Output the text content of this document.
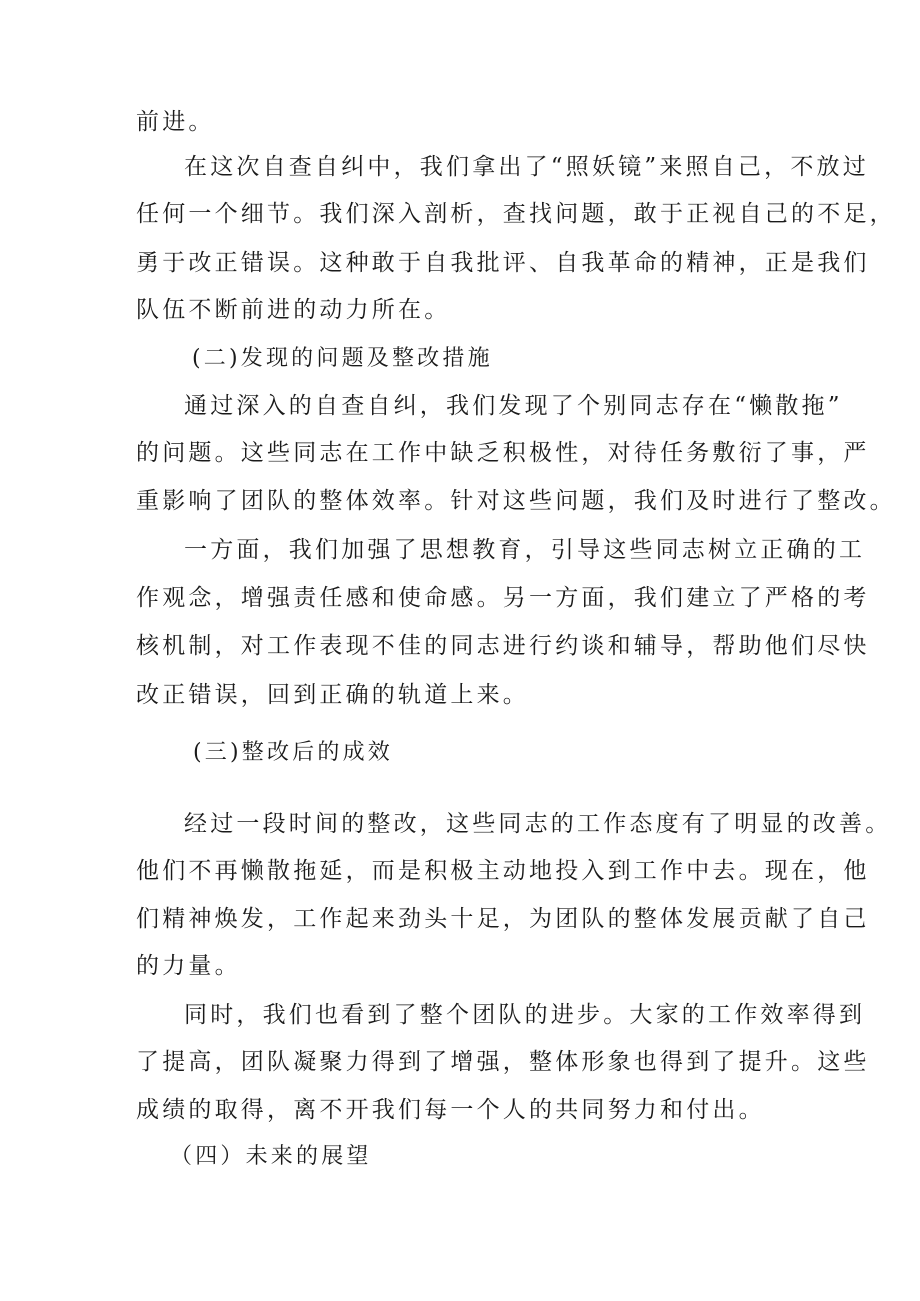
前进。
在这次自查自纠中，我们拿出了“照妖镜”来照自己，不放过
任何一个细节。我们深入剖析，查找问题，敢于正视自己的不足，
勇于改正错误。这种敢于自我批评、自我革命的精神，正是我们
队伍不断前进的动力所在。
(二)发现的问题及整改措施
通过深入的自查自纠，我们发现了个别同志存在“懒散拖”
的问题。这些同志在工作中缺乏积极性，对待任务敷衍了事，严
重影响了团队的整体效率。针对这些问题，我们及时进行了整改。
一方面，我们加强了思想教育，引导这些同志树立正确的工
作观念，增强责任感和使命感。另一方面，我们建立了严格的考
核机制，对工作表现不佳的同志进行约谈和辅导，帮助他们尽快
改正错误，回到正确的轨道上来。
(三)整改后的成效
经过一段时间的整改，这些同志的工作态度有了明显的改善。
他们不再懒散拖延，而是积极主动地投入到工作中去。现在，他
们精神焕发，工作起来劲头十足，为团队的整体发展贡献了自己
的力量。
同时，我们也看到了整个团队的进步。大家的工作效率得到
了提高，团队凝聚力得到了增强，整体形象也得到了提升。这些
成绩的取得，离不开我们每一个人的共同努力和付出。
（四）未来的展望
